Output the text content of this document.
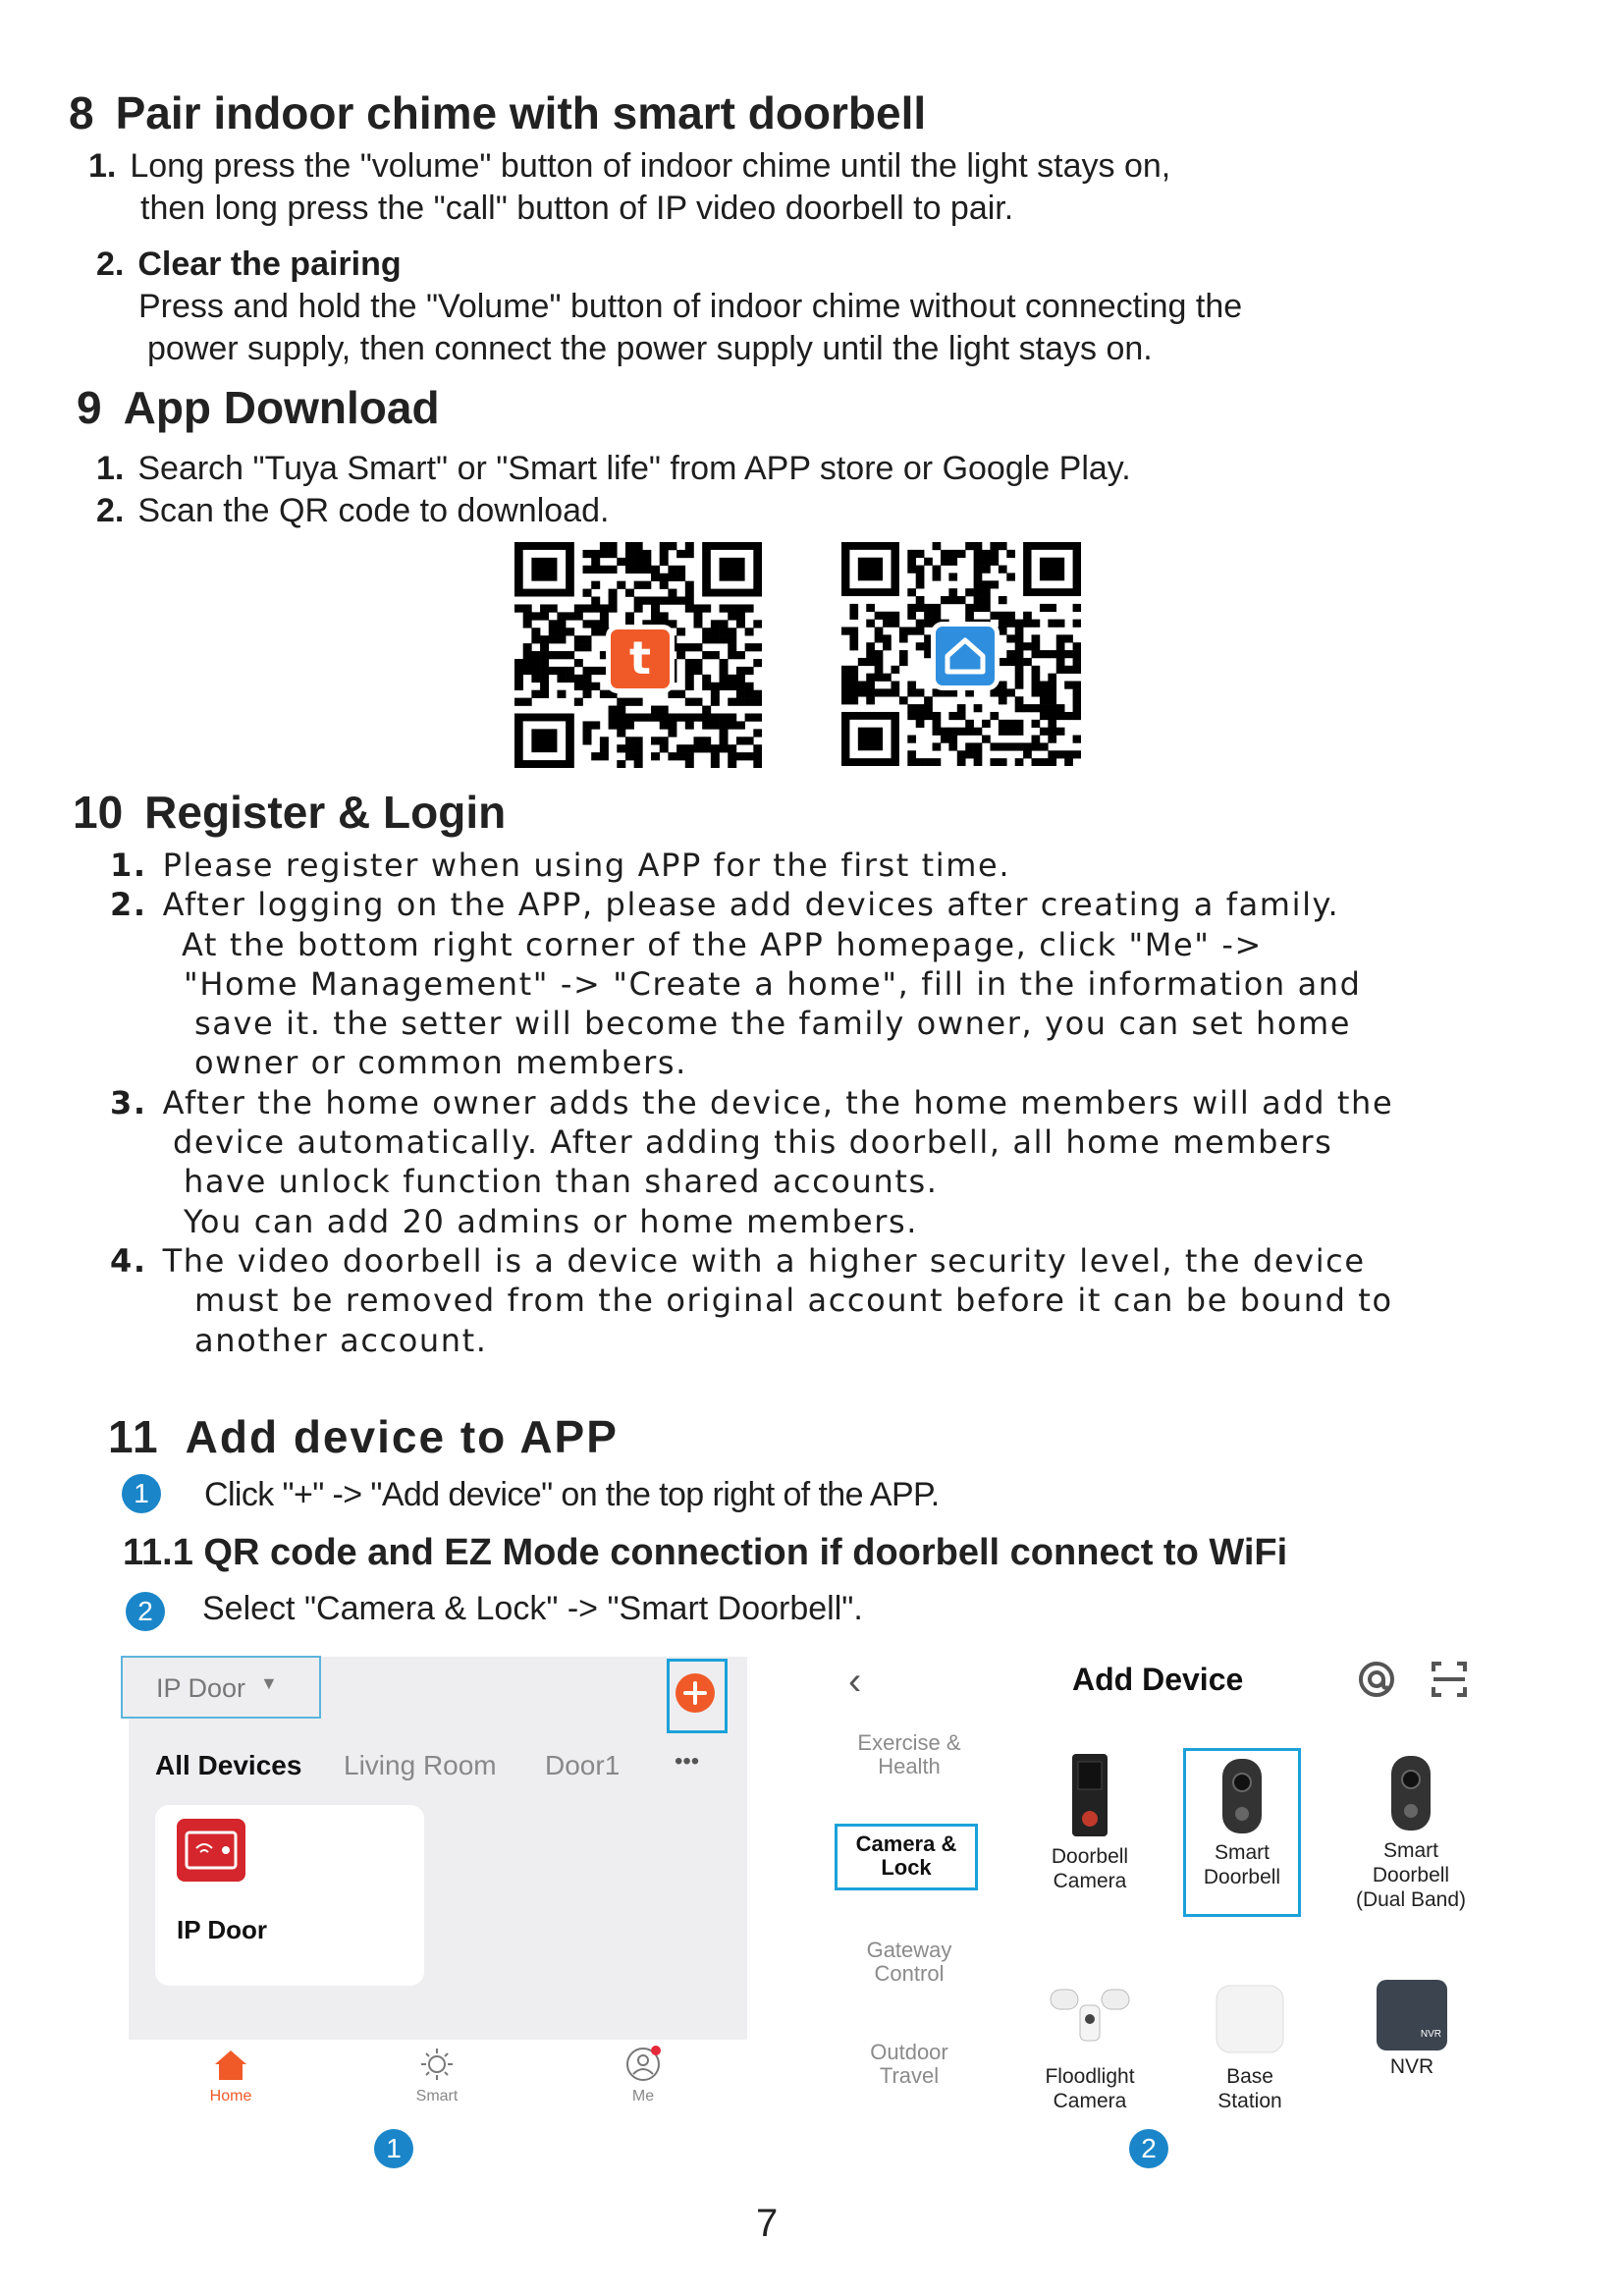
8 Pair indoor chime with smart doorbell
1. Long press the "volume" button of indoor chime until the light stays on,
then long press the "call" button of IP video doorbell to pair.
2. Clear the pairing
Press and hold the "Volume" button of indoor chime without connecting the
power supply, then connect the power supply until the light stays on.
9 App Download
1. Search "Tuya Smart" or "Smart life" from APP store or Google Play.
2. Scan the QR code to download.
t
10 Register & Login
1. Please register when using APP for the first time.
2. After logging on the APP, please add devices after creating a family.
At the bottom right corner of the APP homepage, click "Me" ->
"Home Management" -> "Create a home", fill in the information and
save it. the setter will become the family owner, you can set home
owner or common members.
3. After the home owner adds the device, the home members will add the
device automatically. After adding this doorbell, all home members
have unlock function than shared accounts.
You can add 20 admins or home members.
4. The video doorbell is a device with a higher security level, the device
must be removed from the original account before it can be bound to
another account.
11 Add device to APP
1	Click "+" -> "Add device" on the top right of the APP.
11.1 QR code and EZ Mode connection if doorbell connect to WiFi
2	Select "Camera & Lock" -> "Smart Doorbell".
IP Door ▼
All Devices Living Room Door1 •••
IP Door
Home	Smart	Me
1
‹	Add Device
Exercise &
Health
Camera &
Lock
Gateway
Control
Outdoor
Travel
Doorbell
Camera
Smart
Doorbell
Smart
Doorbell
(Dual Band)
Floodlight
Camera
Base
Station
NVR
NVR
2
7
